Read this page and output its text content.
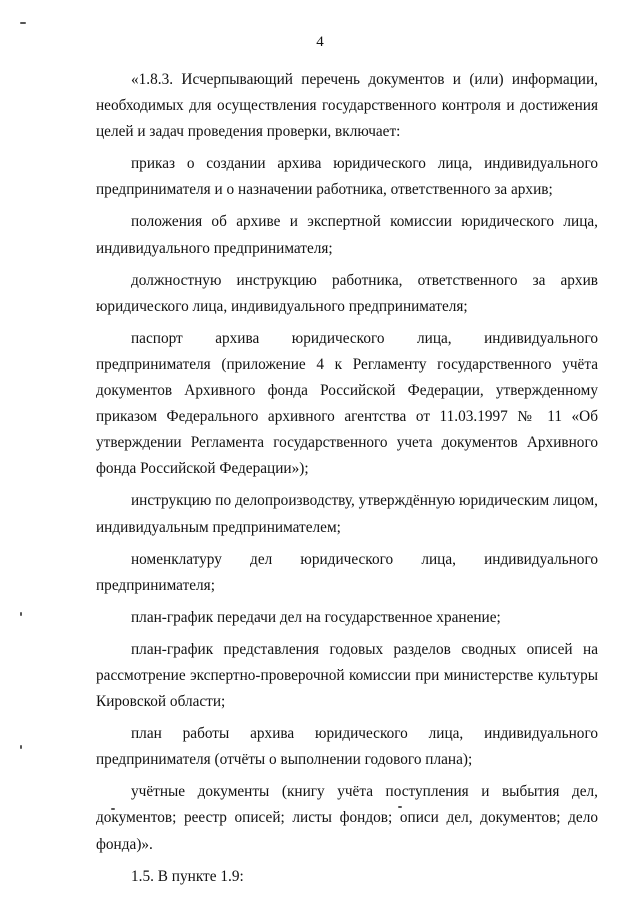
4

«1.8.3. Исчерпывающий перечень документов и (или) информации, необходимых для осуществления государственного контроля и достижения целей и задач проведения проверки, включает:

приказ о создании архива юридического лица, индивидуального предпринимателя и о назначении работника, ответственного за архив;

положения об архиве и экспертной комиссии юридического лица, индивидуального предпринимателя;

должностную инструкцию работника, ответственного за архив юридического лица, индивидуального предпринимателя;

паспорт архива юридического лица, индивидуального предпринимателя (приложение 4 к Регламенту государственного учёта документов Архивного фонда Российской Федерации, утвержденному приказом Федерального архивного агентства от 11.03.1997 № 11 «Об утверждении Регламента государственного учета документов Архивного фонда Российской Федерации»);

инструкцию по делопроизводству, утверждённую юридическим лицом, индивидуальным предпринимателем;

номенклатуру дел юридического лица, индивидуального предпринимателя;

план-график передачи дел на государственное хранение;

план-график представления годовых разделов сводных описей на рассмотрение экспертно-проверочной комиссии при министерстве культуры Кировской области;

план работы архива юридического лица, индивидуального предпринимателя (отчёты о выполнении годового плана);

учётные документы (книгу учёта поступления и выбытия дел, документов; реестр описей; листы фондов; описи дел, документов; дело фонда)».

1.5. В пункте 1.9:
